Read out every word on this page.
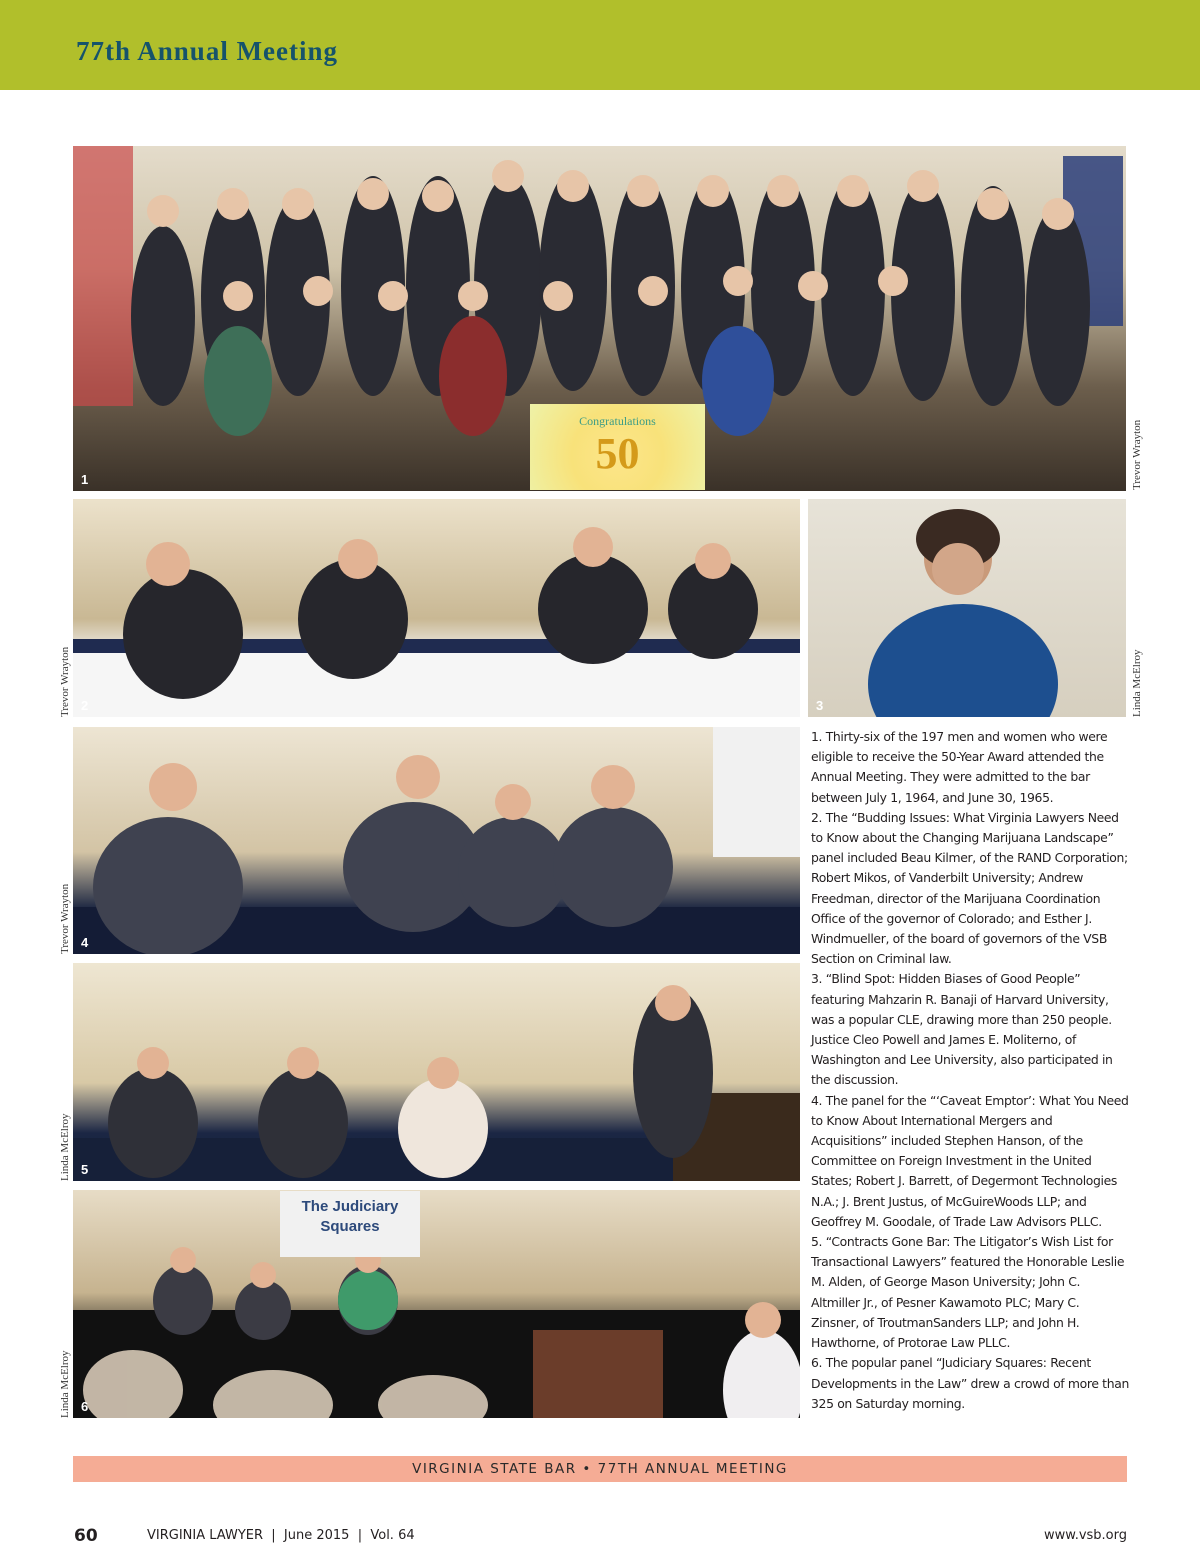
77th Annual Meeting
1
Congratulations
50	Trevor Wrayton
2
Trevor Wrayton	3	Linda McElroy
4
Trevor Wrayton
5
Linda McElroy
6
The Judiciary Squares
Linda McElroy

1. Thirty-six of the 197 men and women who were eligible to receive the 50-Year Award attended the Annual Meeting. They were admitted to the bar between July 1, 1964, and June 30, 1965.

2. The “Budding Issues: What Virginia Lawyers Need to Know about the Changing Marijuana Landscape” panel included Beau Kilmer, of the RAND Corporation; Robert Mikos, of Vanderbilt University; Andrew Freedman, director of the Marijuana Coordination Office of the governor of Colorado; and Esther J. Windmueller, of the board of governors of the VSB Section on Criminal law.

3. “Blind Spot: Hidden Biases of Good People” featuring Mahzarin R. Banaji of Harvard University, was a popular CLE, drawing more than 250 people. Justice Cleo Powell and James E. Moliterno, of Washington and Lee University, also participated in the discussion.

4. The panel for the “‘Caveat Emptor’: What You Need to Know About International Mergers and Acquisitions” included Stephen Hanson, of the Committee on Foreign Investment in the United States; Robert J. Barrett, of Degermont Technologies N.A.; J. Brent Justus, of McGuireWoods LLP; and Geoffrey M. Goodale, of Trade Law Advisors PLLC.

5. “Contracts Gone Bar: The Litigator’s Wish List for Transactional Lawyers” featured the Honorable Leslie M. Alden, of George Mason University; John C. Altmiller Jr., of Pesner Kawamoto PLC; Mary C. Zinsner, of TroutmanSanders LLP; and John H. Hawthorne, of Protorae Law PLLC.

6. The popular panel “Judiciary Squares: Recent Developments in the Law” drew a crowd of more than 325 on Saturday morning.

VIRGINIA STATE BAR • 77TH ANNUAL MEETING
60	VIRGINIA LAWYER  |  June 2015  |  Vol. 64	www.vsb.org
